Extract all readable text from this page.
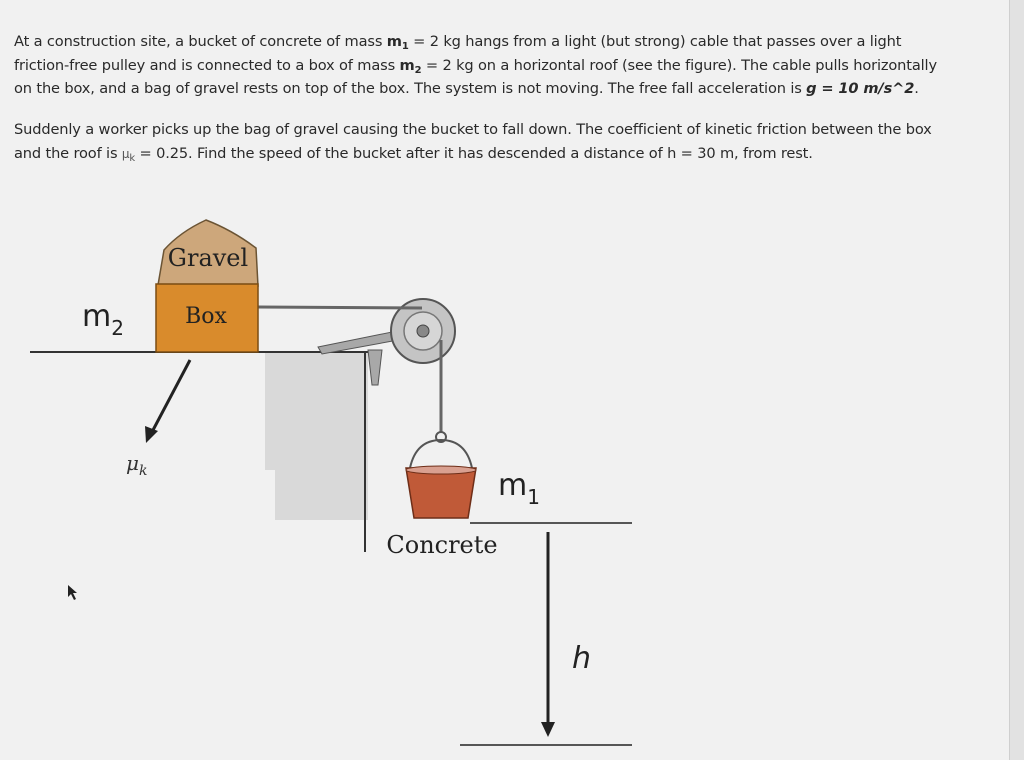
At a construction site, a bucket of concrete of mass $m_1 = 2$ kg hangs from a light (but strong) cable that passes over a light
friction-free pulley and is connected to a box of mass $m_2 = 2$ kg on a horizontal roof (see the figure). The cable pulls horizontally
on the box, and a bag of gravel rests on top of the box. The system is not moving. The free fall acceleration is g = 10 m/s^2.
Suddenly a worker picks up the bag of gravel causing the bucket to fall down. The coefficient of kinetic friction between the box
and the roof is $\mu_k = 0.25$. Find the speed of the bucket after it has descended a distance of h = 30 m, from rest.
Gravel
Box
$m_2$
$\mu_k$	$m_1$
Concrete
h
